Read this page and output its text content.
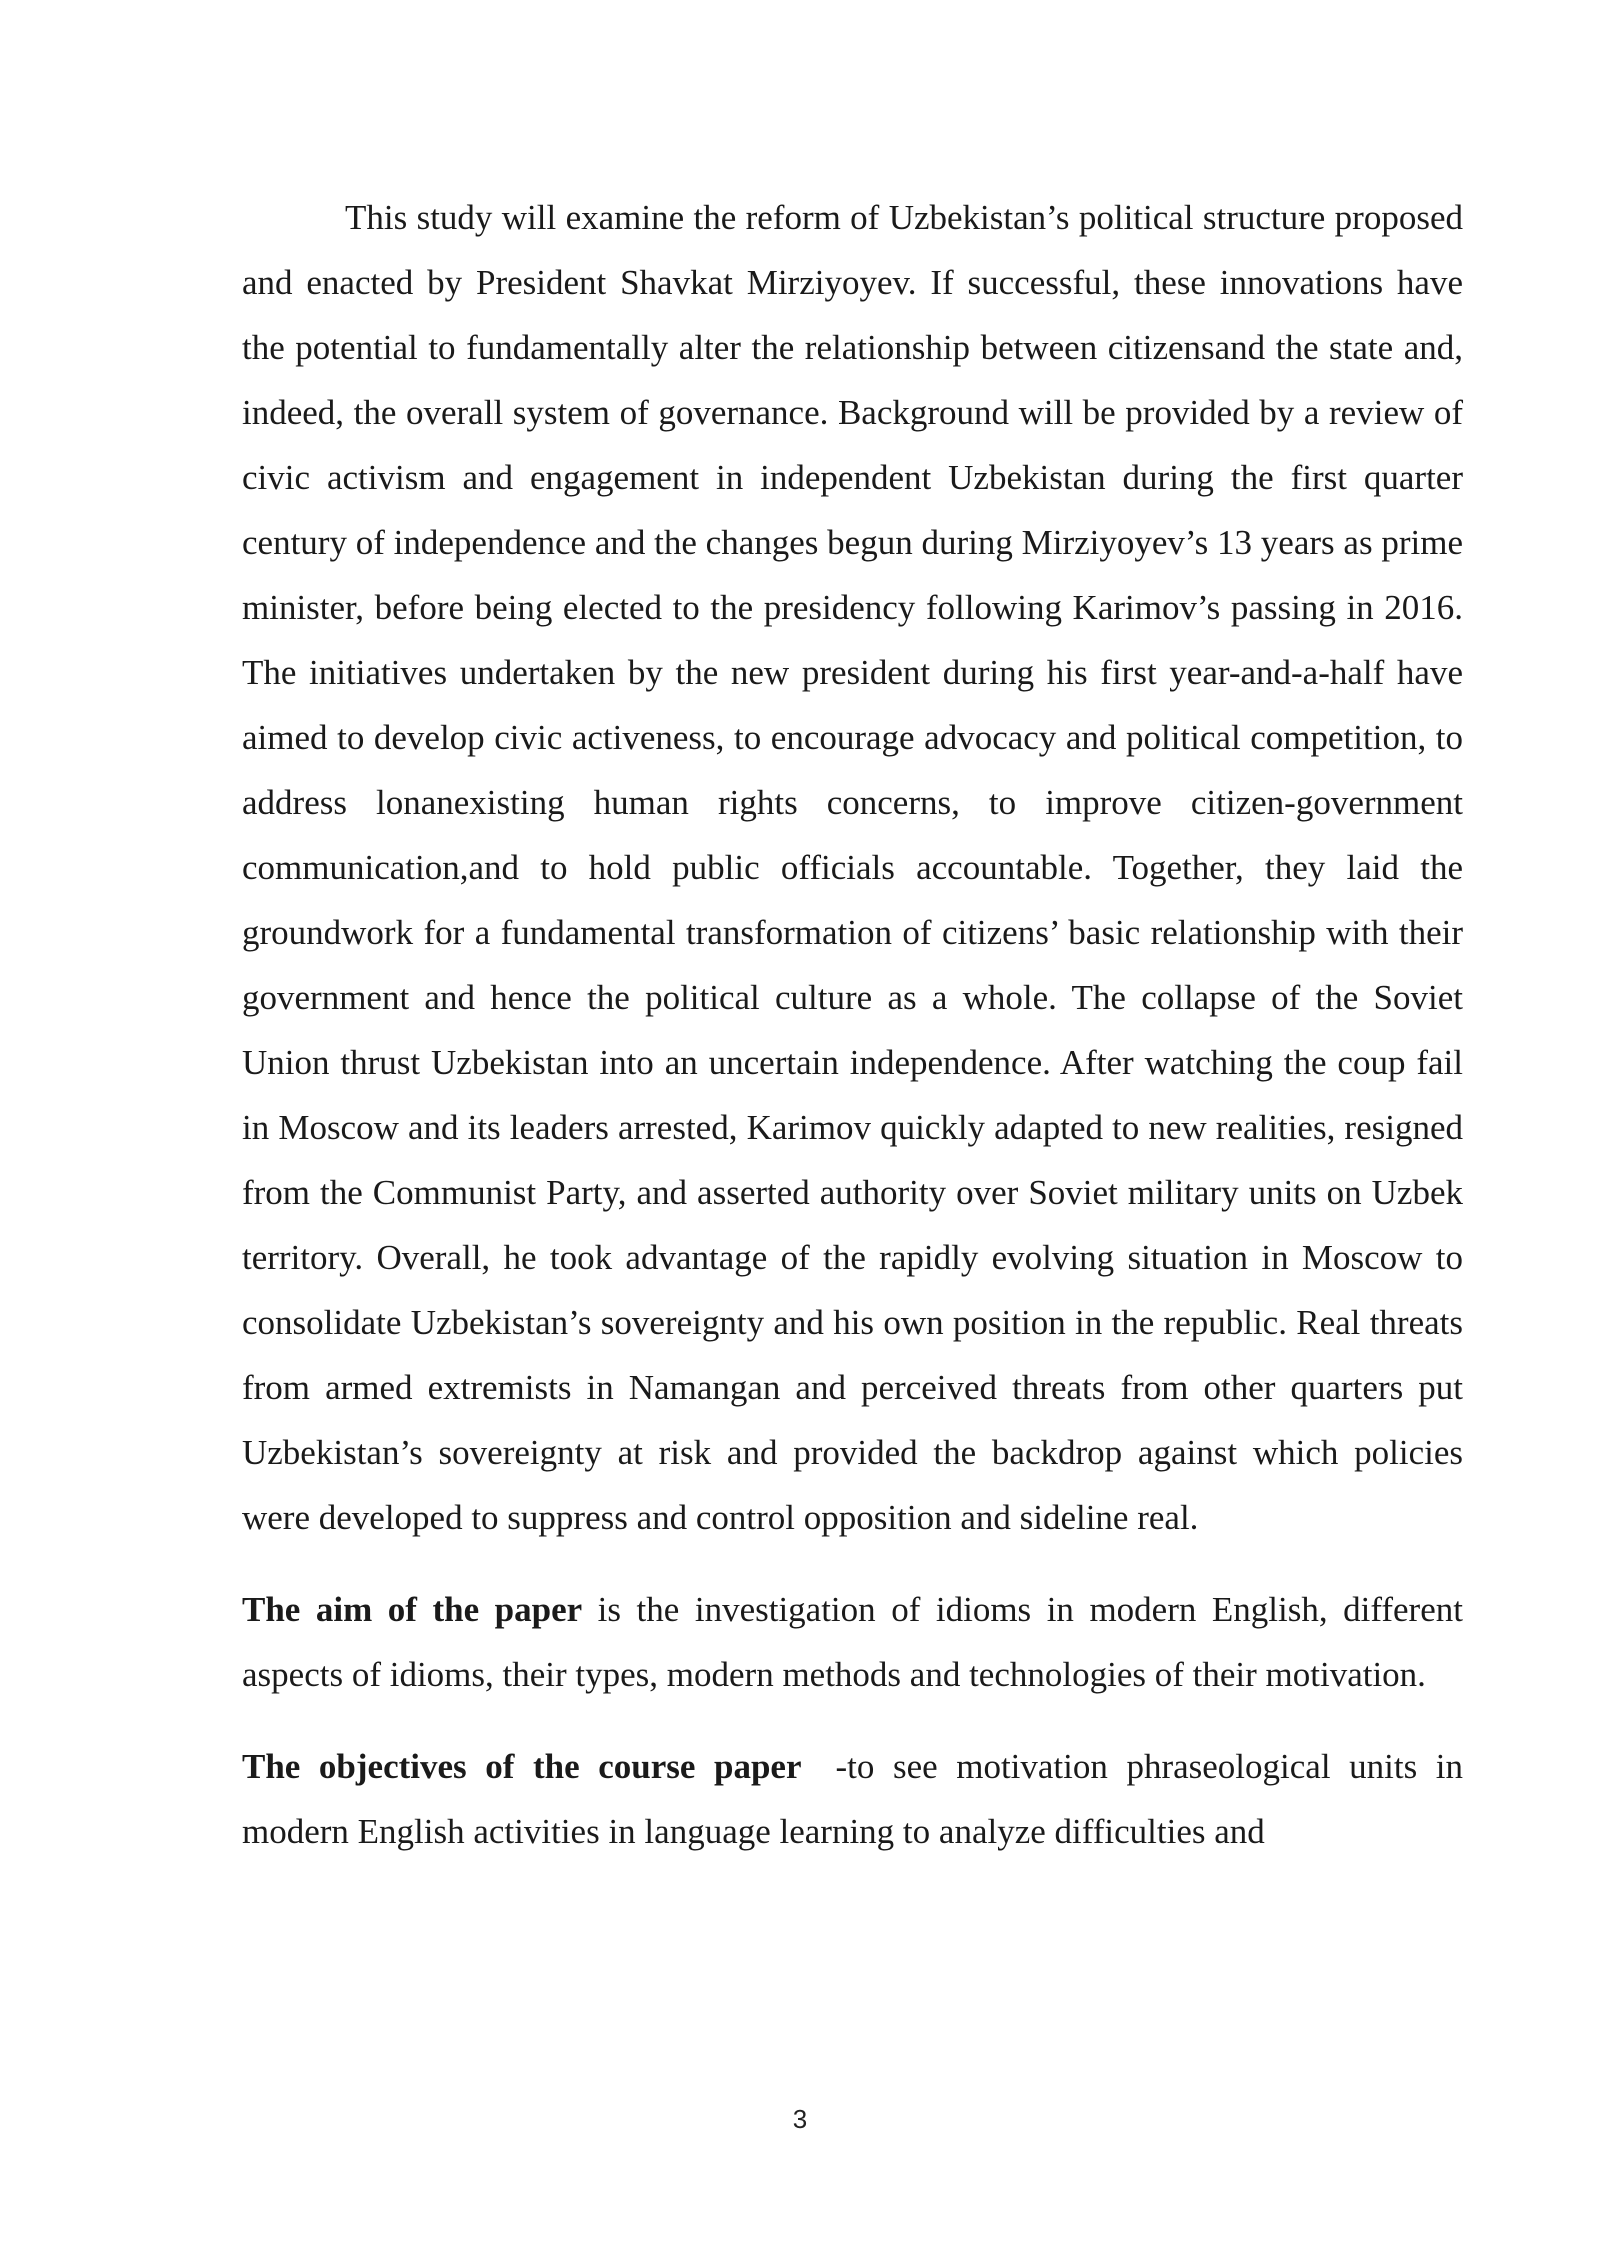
This study will examine the reform of Uzbekistan’s political structure proposed and enacted by President Shavkat Mirziyoyev. If successful, these innovations have the potential to fundamentally alter the relationship between citizensand the state and, indeed, the overall system of governance. Background will be provided by a review of civic activism and engagement in independent Uzbekistan during the first quarter century of independence and the changes begun during Mirziyoyev’s 13 years as prime minister, before being elected to the presidency following Karimov’s passing in 2016. The initiatives undertaken by the new president during his first year-and-a-half have aimed to develop civic activeness, to encourage advocacy and political competition, to address lonanexisting human rights concerns, to improve citizen-government communication,and to hold public officials accountable. Together, they laid the groundwork for a fundamental transformation of citizens’ basic relationship with their government and hence the political culture as a whole. The collapse of the Soviet Union thrust Uzbekistan into an uncertain independence. After watching the coup fail in Moscow and its leaders arrested, Karimov quickly adapted to new realities, resigned from the Communist Party, and asserted authority over Soviet military units on Uzbek territory. Overall, he took advantage of the rapidly evolving situation in Moscow to consolidate Uzbekistan’s sovereignty and his own position in the republic. Real threats from armed extremists in Namangan and perceived threats from other quarters put Uzbekistan’s sovereignty at risk and provided the backdrop against which policies were developed to suppress and control opposition and sideline real.

The aim of the paper is the investigation of idioms in modern English, different aspects of idioms, their types, modern methods and technologies of their motivation.

The objectives of the course paper -to see motivation phraseological units in modern English activities in language learning to analyze difficulties and

3
